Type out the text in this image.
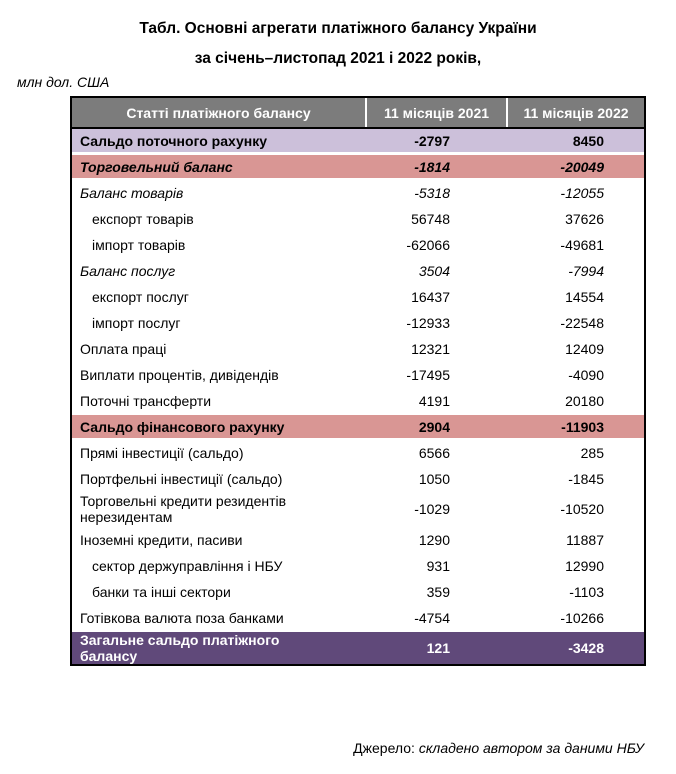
Табл. Основні агрегати платіжного балансу України
за січень–листопад 2021 і 2022 років,
млн дол. США
Статті платіжного балансу	11 місяців 2021	11 місяців 2022
Сальдо поточного рахунку	-2797	8450
Торговельний баланс	-1814	-20049
Баланс товарів	-5318	-12055
експорт товарів	56748	37626
імпорт товарів	-62066	-49681
Баланс послуг	3504	-7994
експорт послуг	16437	14554
імпорт послуг	-12933	-22548
Оплата праці	12321	12409
Виплати процентів, дивідендів	-17495	-4090
Поточні трансферти	4191	20180
Сальдо фінансового рахунку	2904	-11903
Прямі інвестиції (сальдо)	6566	285
Портфельні інвестиції (сальдо)	1050	-1845
Торговельні кредити резидентів нерезидентам	-1029	-10520
Іноземні кредити, пасиви	1290	11887
сектор держуправління і НБУ	931	12990
банки та інші сектори	359	-1103
Готівкова валюта поза банками	-4754	-10266
Загальне сальдо платіжного балансу	121	-3428
Джерело: складено автором за даними НБУ
